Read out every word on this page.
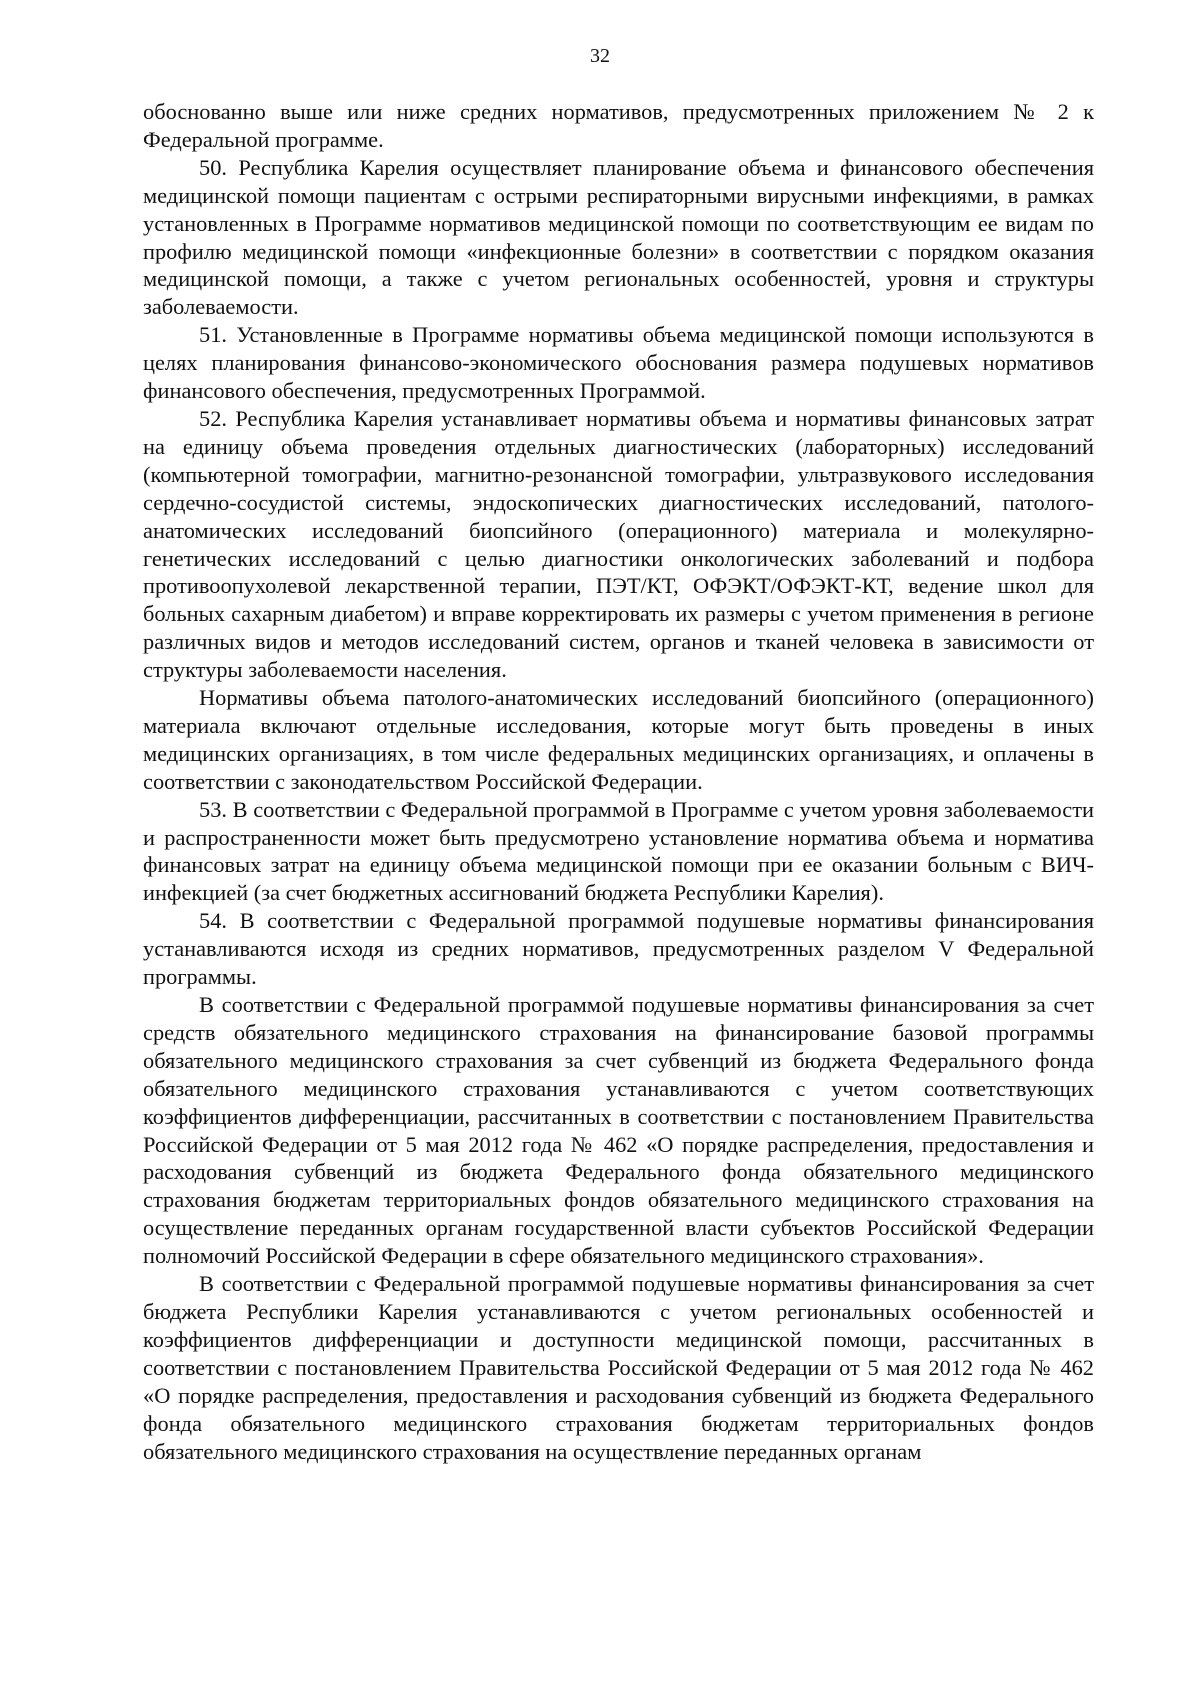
32

обоснованно выше или ниже средних нормативов, предусмотренных приложением № 2 к Федеральной программе.

50. Республика Карелия осуществляет планирование объема и финансового обеспечения медицинской помощи пациентам с острыми респираторными вирусными инфекциями, в рамках установленных в Программе нормативов медицинской помощи по соответствующим ее видам по профилю медицинской помощи «инфекционные болезни» в соответствии с порядком оказания медицинской помощи, а также с учетом региональных особенностей, уровня и структуры заболеваемости.

51. Установленные в Программе нормативы объема медицинской помощи используются в целях планирования финансово-экономического обоснования размера подушевых нормативов финансового обеспечения, предусмотренных Программой.

52. Республика Карелия устанавливает нормативы объема и нормативы финансовых затрат на единицу объема проведения отдельных диагностических (лабораторных) исследований (компьютерной томографии, магнитно-резонансной томографии, ультразвукового исследования сердечно-сосудистой системы, эндоскопических диагностических исследований, патолого-анатомических исследований биопсийного (операционного) материала и молекулярно-генетических исследований с целью диагностики онкологических заболеваний и подбора противоопухолевой лекарственной терапии, ПЭТ/КТ, ОФЭКТ/ОФЭКТ-КТ, ведение школ для больных сахарным диабетом) и вправе корректировать их размеры с учетом применения в регионе различных видов и методов исследований систем, органов и тканей человека в зависимости от структуры заболеваемости населения.

Нормативы объема патолого-анатомических исследований биопсийного (операционного) материала включают отдельные исследования, которые могут быть проведены в иных медицинских организациях, в том числе федеральных медицинских организациях, и оплачены в соответствии с законодательством Российской Федерации.

53. В соответствии с Федеральной программой в Программе с учетом уровня заболеваемости и распространенности может быть предусмотрено установление норматива объема и норматива финансовых затрат на единицу объема медицинской помощи при ее оказании больным с ВИЧ-инфекцией (за счет бюджетных ассигнований бюджета Республики Карелия).

54. В соответствии с Федеральной программой подушевые нормативы финансирования устанавливаются исходя из средних нормативов, предусмотренных разделом V Федеральной программы.

В соответствии с Федеральной программой подушевые нормативы финансирования за счет средств обязательного медицинского страхования на финансирование базовой программы обязательного медицинского страхования за счет субвенций из бюджета Федерального фонда обязательного медицинского страхования устанавливаются с учетом соответствующих коэффициентов дифференциации, рассчитанных в соответствии с постановлением Правительства Российской Федерации от 5 мая 2012 года № 462 «О порядке распределения, предоставления и расходования субвенций из бюджета Федерального фонда обязательного медицинского страхования бюджетам территориальных фондов обязательного медицинского страхования на осуществление переданных органам государственной власти субъектов Российской Федерации полномочий Российской Федерации в сфере обязательного медицинского страхования».

В соответствии с Федеральной программой подушевые нормативы финансирования за счет бюджета Республики Карелия устанавливаются с учетом региональных особенностей и коэффициентов дифференциации и доступности медицинской помощи, рассчитанных в соответствии с постановлением Правительства Российской Федерации от 5 мая 2012 года № 462 «О порядке распределения, предоставления и расходования субвенций из бюджета Федерального фонда обязательного медицинского страхования бюджетам территориальных фондов обязательного медицинского страхования на осуществление переданных органам
